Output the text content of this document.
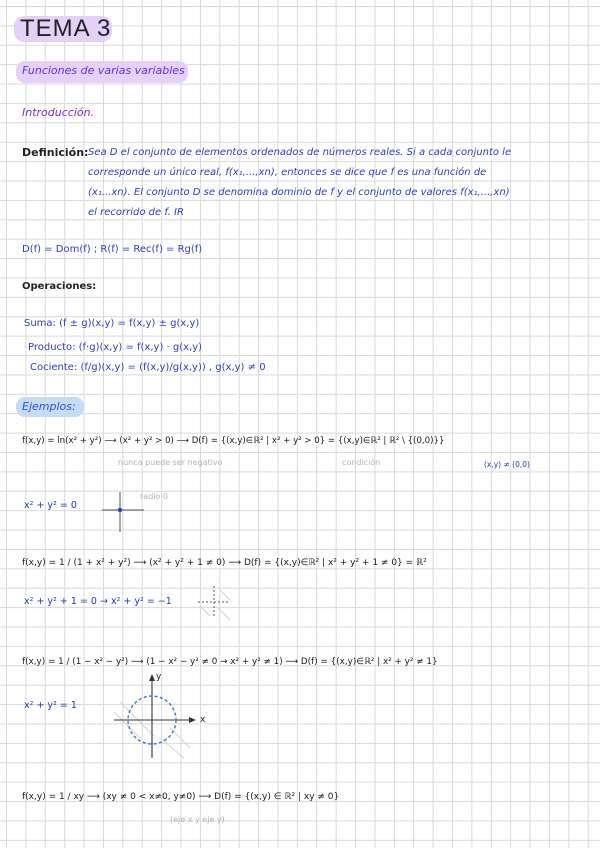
TEMA 3
Funciones de varias variables
Introducción.
Definición: Sea D el conjunto de elementos ordenados de números reales. Si a cada conjunto le
corresponde un único real, f(x₁,...,xn), entonces se dice que f es una función de
(x₁...xn). El conjunto D se denomina dominio de f y el conjunto de valores f(x₁,...,xn)
el recorrido de f. IR
D(f) = Dom(f) ; R(f) = Rec(f) = Rg(f)
Operaciones:
Suma: (f ± g)(x,y) = f(x,y) ± g(x,y)
Producto: (f·g)(x,y) = f(x,y) · g(x,y)
Cociente: (f/g)(x,y) = (f(x,y)/g(x,y)) , g(x,y) ≠ 0
Ejemplos:
f(x,y) = ln(x² + y²) ⟶ (x² + y² > 0) ⟶ D(f) = {(x,y)∈ℝ² | x² + y² > 0} = {(x,y)∈ℝ² | ℝ² \ {(0,0)}}
nunca puede ser negativo	condición	(x,y) ≠ (0,0)
x² + y² = 0
radio 0
f(x,y) = 1 / (1 + x² + y²) ⟶ (x² + y² + 1 ≠ 0) ⟶ D(f) = {(x,y)∈ℝ² | x² + y² + 1 ≠ 0} = ℝ²
x² + y² + 1 = 0 → x² + y² = −1
f(x,y) = 1 / (1 − x² − y²) ⟶ (1 − x² − y² ≠ 0 → x² + y² ≠ 1) ⟶ D(f) = {(x,y)∈ℝ² | x² + y² ≠ 1}
x² + y² = 1
y
x
f(x,y) = 1 / xy ⟶ (xy ≠ 0 < x≠0, y≠0) ⟶ D(f) = {(x,y) ∈ ℝ² | xy ≠ 0}
(eje x y eje y)
